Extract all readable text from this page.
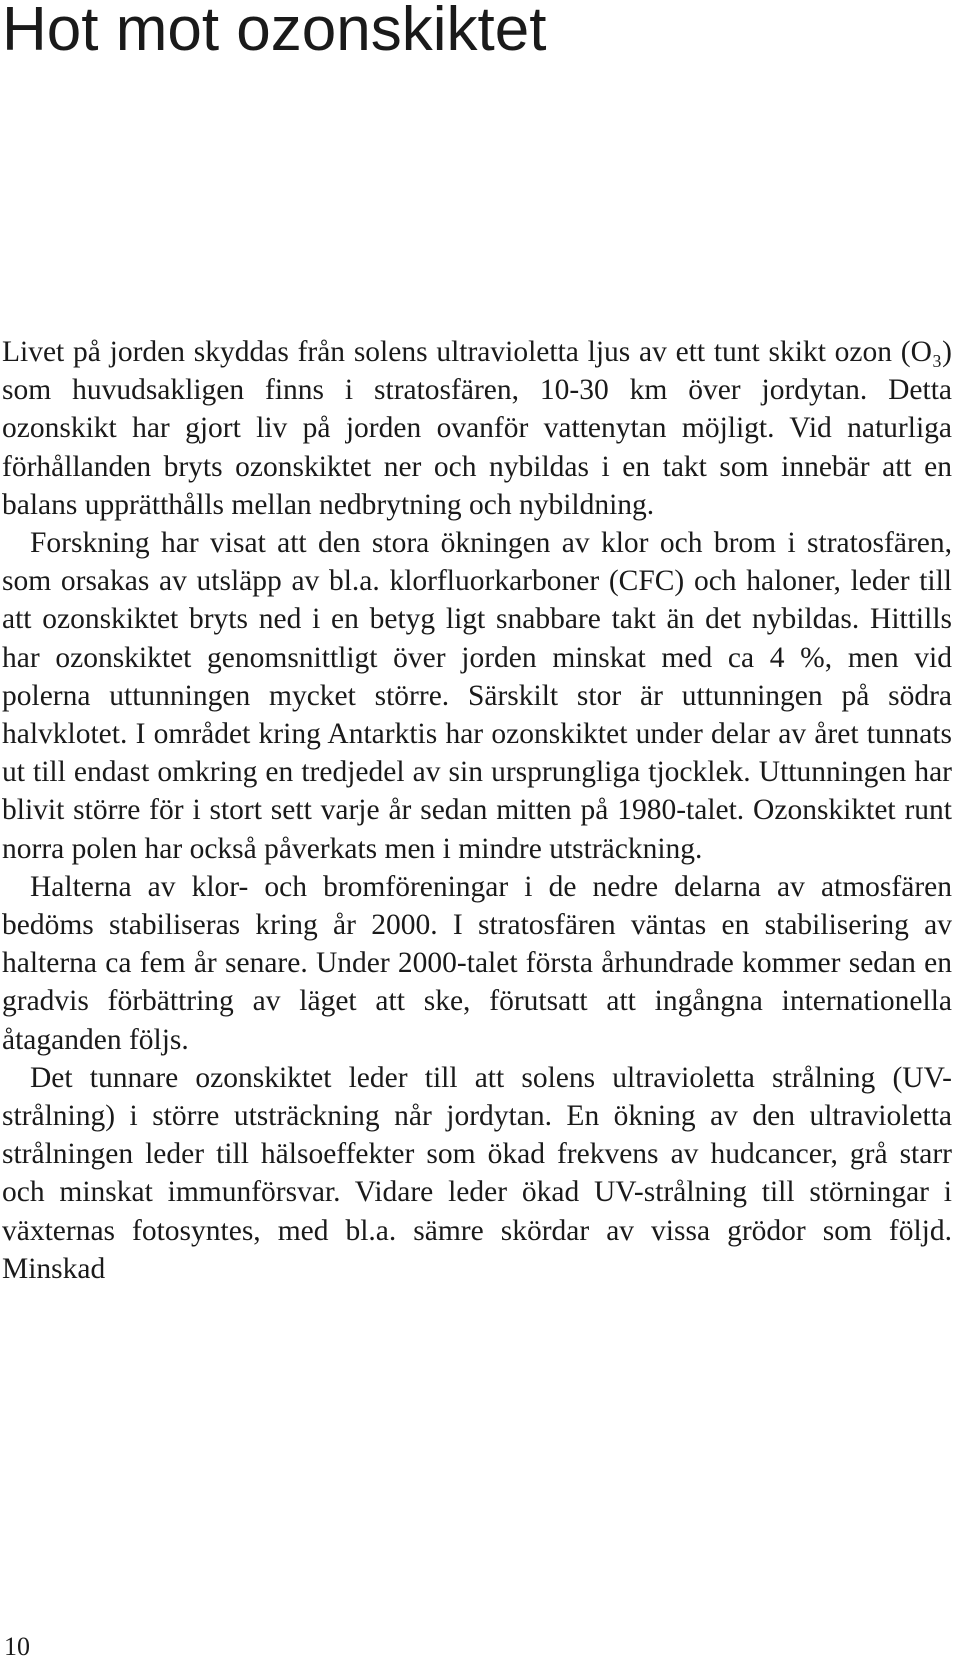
Hot mot ozonskiktet

Livet på jorden skyddas från solens ultravioletta ljus av ett tunt skikt ozon (O₃) som huvudsakligen finns i stratosfären, 10-30 km över jordytan. Detta ozonskikt har gjort liv på jorden ovanför vattenytan möjligt. Vid naturliga förhållanden bryts ozonskiktet ner och nybildas i en takt som innebär att en balans upprätthålls mellan nedbrytning och nybildning.

Forskning har visat att den stora ökningen av klor och brom i stratosfären, som orsakas av utsläpp av bl.a. klorfluorkarboner (CFC) och haloner, leder till att ozonskiktet bryts ned i en betyg ligt snabbare takt än det nybildas. Hittills har ozonskiktet genomsnittligt över jorden minskat med ca 4 %, men vid polerna uttunningen mycket större. Särskilt stor är uttunningen på södra halvklotet. I området kring Antarktis har ozonskiktet under delar av året tunnats ut till endast omkring en tredjedel av sin ursprungliga tjocklek. Uttunningen har blivit större för i stort sett varje år sedan mitten på 1980-talet. Ozonskiktet runt norra polen har också påverkats men i mindre utsträckning.

Halterna av klor- och bromföreningar i de nedre delarna av atmosfären bedöms stabiliseras kring år 2000. I stratosfären väntas en stabilisering av halterna ca fem år senare. Under 2000-talet första århundrade kommer sedan en gradvis förbättring av läget att ske, förutsatt att ingångna internationella åtaganden följs.

Det tunnare ozonskiktet leder till att solens ultravioletta strålning (UV-strålning) i större utsträckning når jordytan. En ökning av den ultravioletta strålningen leder till hälsoeffekter som ökad frekvens av hudcancer, grå starr och minskat immunförsvar. Vidare leder ökad UV-strålning till störningar i växternas fotosyntes, med bl.a. sämre skördar av vissa grödor som följd. Minskad

10
